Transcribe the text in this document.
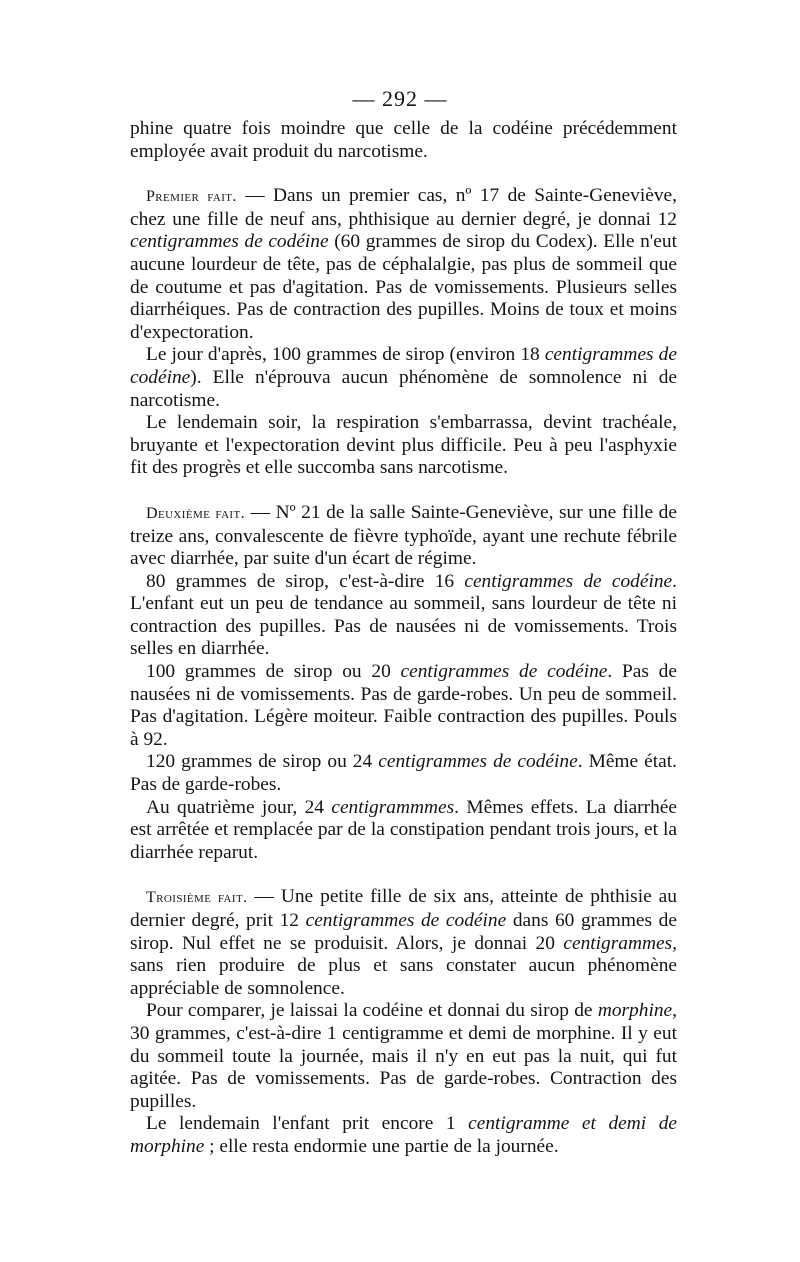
— 292 —

phine quatre fois moindre que celle de la codéine précédemment employée avait produit du narcotisme.

Premier fait. — Dans un premier cas, nº 17 de Sainte-Geneviève, chez une fille de neuf ans, phthisique au dernier degré, je donnai 12 centigrammes de codéine (60 grammes de sirop du Codex). Elle n'eut aucune lourdeur de tête, pas de céphalalgie, pas plus de sommeil que de coutume et pas d'agitation. Pas de vomissements. Plusieurs selles diarrhéiques. Pas de contraction des pupilles. Moins de toux et moins d'expectoration.

Le jour d'après, 100 grammes de sirop (environ 18 centigrammes de codéine). Elle n'éprouva aucun phénomène de somnolence ni de narcotisme.

Le lendemain soir, la respiration s'embarrassa, devint trachéale, bruyante et l'expectoration devint plus difficile. Peu à peu l'asphyxie fit des progrès et elle succomba sans narcotisme.

Deuxième fait. — Nº 21 de la salle Sainte-Geneviève, sur une fille de treize ans, convalescente de fièvre typhoïde, ayant une rechute fébrile avec diarrhée, par suite d'un écart de régime.

80 grammes de sirop, c'est-à-dire 16 centigrammes de codéine. L'enfant eut un peu de tendance au sommeil, sans lourdeur de tête ni contraction des pupilles. Pas de nausées ni de vomissements. Trois selles en diarrhée.

100 grammes de sirop ou 20 centigrammes de codéine. Pas de nausées ni de vomissements. Pas de garde-robes. Un peu de sommeil. Pas d'agitation. Légère moiteur. Faible contraction des pupilles. Pouls à 92.

120 grammes de sirop ou 24 centigrammes de codéine. Même état. Pas de garde-robes.

Au quatrième jour, 24 centigrammmes. Mêmes effets. La diarrhée est arrêtée et remplacée par de la constipation pendant trois jours, et la diarrhée reparut.

Troisième fait. — Une petite fille de six ans, atteinte de phthisie au dernier degré, prit 12 centigrammes de codéine dans 60 grammes de sirop. Nul effet ne se produisit. Alors, je donnai 20 centigrammes, sans rien produire de plus et sans constater aucun phénomène appréciable de somnolence.

Pour comparer, je laissai la codéine et donnai du sirop de morphine, 30 grammes, c'est-à-dire 1 centigramme et demi de morphine. Il y eut du sommeil toute la journée, mais il n'y en eut pas la nuit, qui fut agitée. Pas de vomissements. Pas de garde-robes. Contraction des pupilles.

Le lendemain l'enfant prit encore 1 centigramme et demi de morphine ; elle resta endormie une partie de la journée.
